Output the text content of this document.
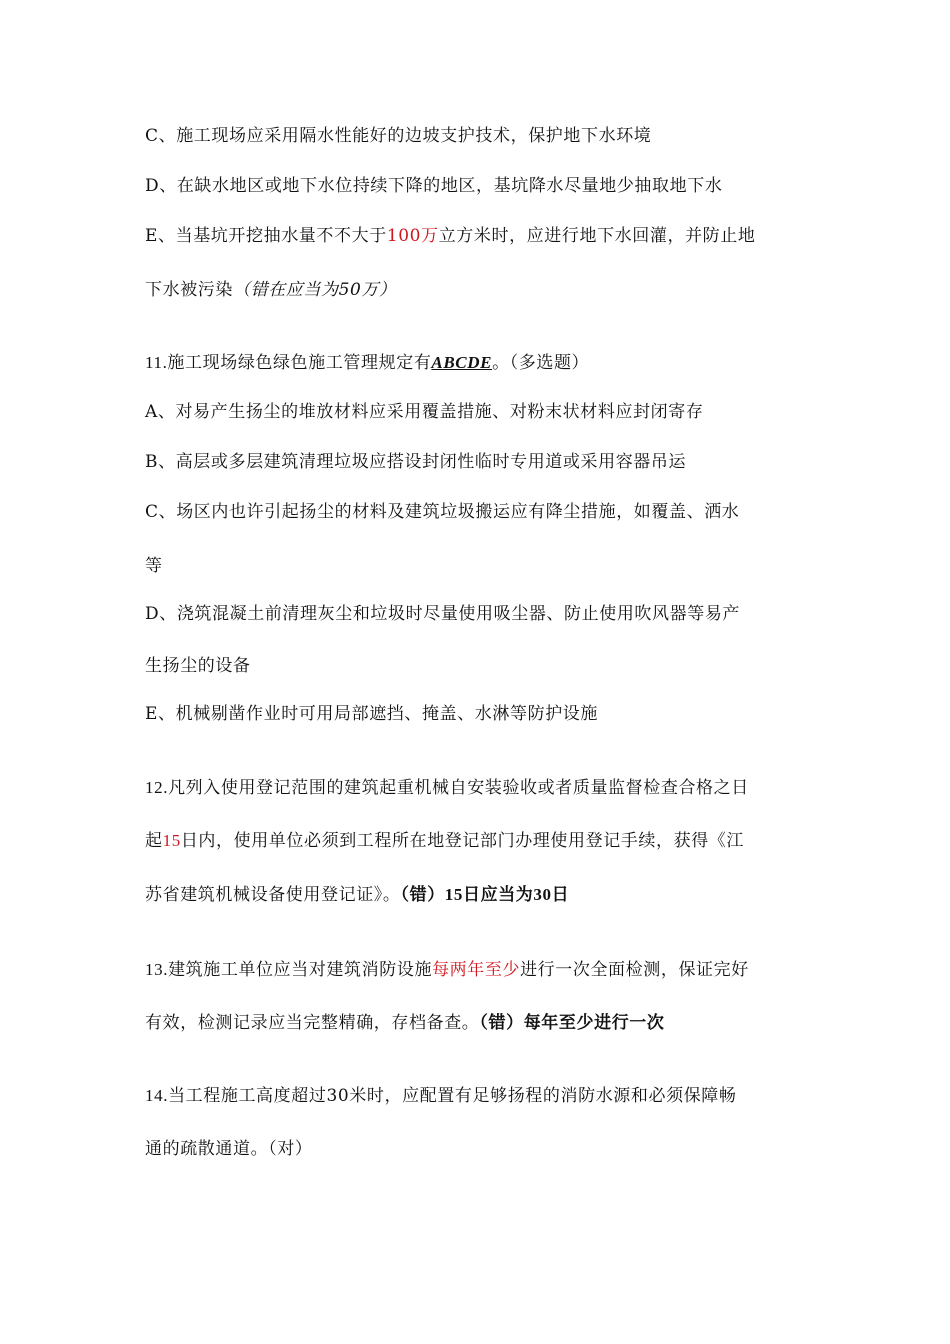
C、施工现场应采用隔水性能好的边坡支护技术，保护地下水环境
D、在缺水地区或地下水位持续下降的地区，基坑降水尽量地少抽取地下水
E、当基坑开挖抽水量不不大于100万立方米时，应进行地下水回灌，并防止地
下水被污染（错在应当为50万）
11.施工现场绿色绿色施工管理规定有ABCDE。（多选题）
A、对易产生扬尘的堆放材料应采用覆盖措施、对粉末状材料应封闭寄存
B、高层或多层建筑清理垃圾应搭设封闭性临时专用道或采用容器吊运
C、场区内也许引起扬尘的材料及建筑垃圾搬运应有降尘措施，如覆盖、洒水
等
D、浇筑混凝土前清理灰尘和垃圾时尽量使用吸尘器、防止使用吹风器等易产
生扬尘的设备
E、机械剔凿作业时可用局部遮挡、掩盖、水淋等防护设施
12.凡列入使用登记范围的建筑起重机械自安装验收或者质量监督检查合格之日
起15日内，使用单位必须到工程所在地登记部门办理使用登记手续，获得《江
苏省建筑机械设备使用登记证》。（错）15日应当为30日
13.建筑施工单位应当对建筑消防设施每两年至少进行一次全面检测，保证完好
有效，检测记录应当完整精确，存档备查。（错）每年至少进行一次
14.当工程施工高度超过30米时，应配置有足够扬程的消防水源和必须保障畅
通的疏散通道。（对）
